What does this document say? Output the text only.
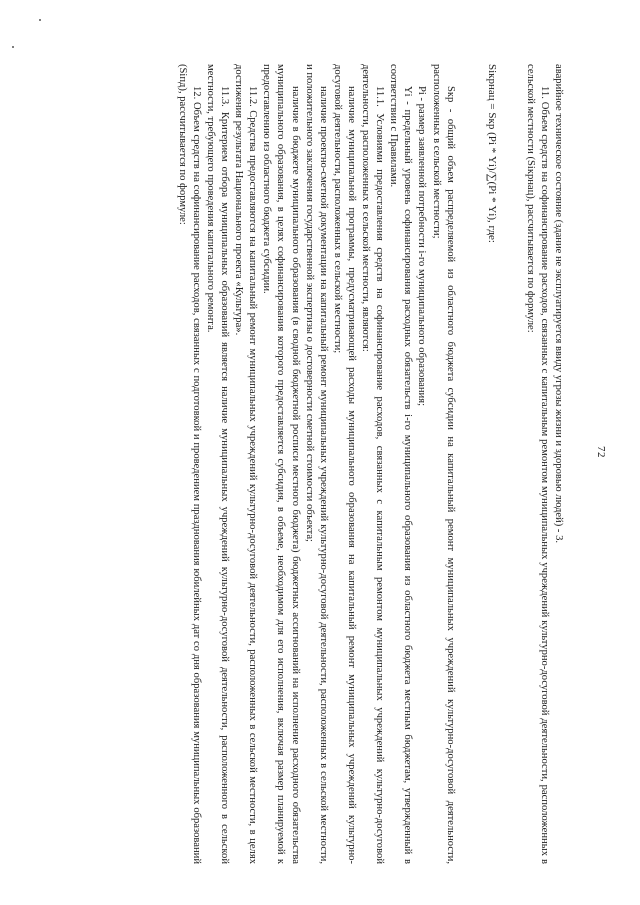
72

аварийное техническое состояние (здание не эксплуатируется ввиду угрозы жизни и здоровью людей) - 3.

11. Объем средств на софинансирование расходов, связанных с капитальным ремонтом муниципальных учреждений культурно-досуговой деятельности, расположенных в сельской местности (Sікрнац), рассчитывается по формуле:

Sікрнац = Sкр (Pі * Yі)/∑(Pі * Yі), где:

Sкр - общий объем распределяемой из областного бюджета субсидии на капитальный ремонт муниципальных учреждений культурно-досуговой деятельности, расположенных в сельской местности;

Pі - размер заявленной потребности i-го муниципального образования;

Yі - предельный уровень софинансирования расходных обязательств i-го муниципального образования из областного бюджета местным бюджетам, утвержденный в соответствии с Правилами.

11.1. Условиями предоставления средств на софинансирование расходов, связанных с капитальным ремонтом муниципальных учреждений культурно-досуговой деятельности, расположенных в сельской местности, являются:

наличие муниципальной программы, предусматривающей расходы муниципального образования на капитальный ремонт муниципальных учреждений культурно-досуговой деятельности, расположенных в сельской местности;

наличие проектно-сметной документации на капитальный ремонт муниципальных учреждений культурно-досуговой деятельности, расположенных в сельской местности, и положительного заключения государственной экспертизы о достоверности сметной стоимости объекта;

наличие в бюджете муниципального образования (в сводной бюджетной росписи местного бюджета) бюджетных ассигнований на исполнение расходного обязательства муниципального образования, в целях софинансирования которого предоставляется субсидия, в объеме, необходимом для его исполнения, включая размер планируемой к предоставлению из областного бюджета субсидии.

11.2. Средства предоставляются на капитальный ремонт муниципальных учреждений культурно-досуговой деятельности, расположенных в сельской местности, в целях достижения результата Национального проекта «Культура».

11.3. Критерием отбора муниципальных образований является наличие муниципальных учреждений культурно-досуговой деятельности, расположенного в сельской местности, требующего проведения капитального ремонта.

12. Объем средств на софинансирование расходов, связанных с подготовкой и проведением празднования юбилейных дат со дня образования муниципальных образований (Sіпд), рассчитывается по формуле:
